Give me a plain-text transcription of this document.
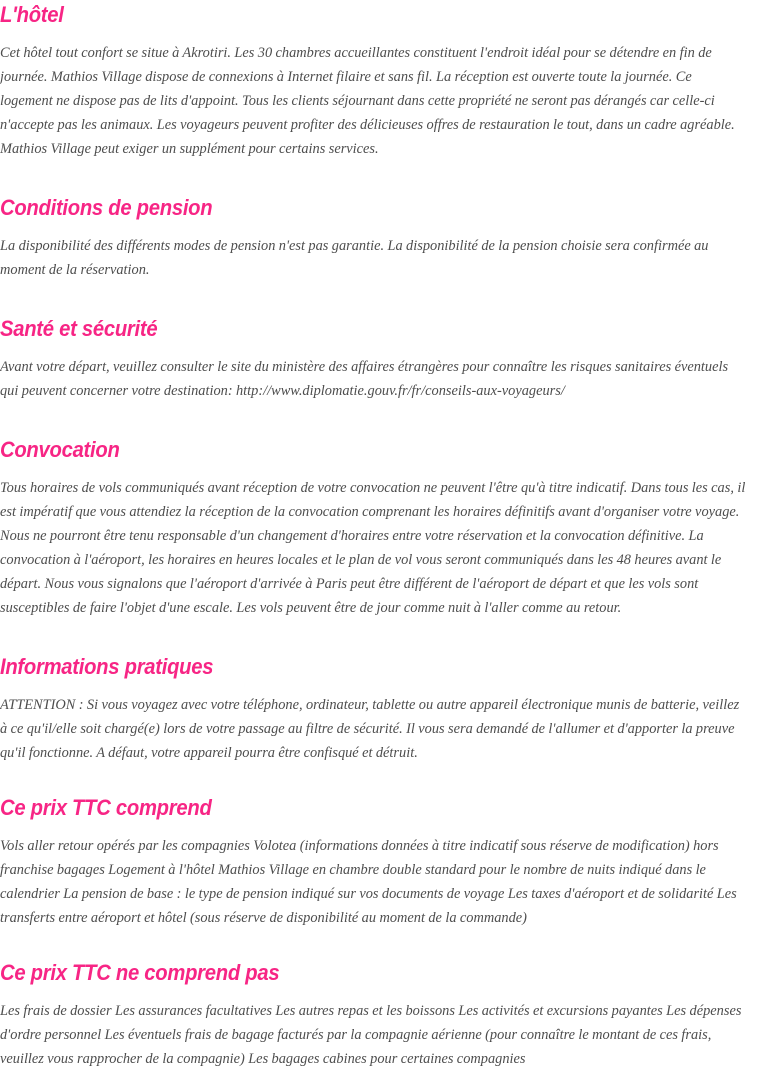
L'hôtel

Cet hôtel tout confort se situe à Akrotiri. Les 30 chambres accueillantes constituent l'endroit idéal pour se détendre en fin de journée. Mathios Village dispose de connexions à Internet filaire et sans fil. La réception est ouverte toute la journée. Ce logement ne dispose pas de lits d'appoint. Tous les clients séjournant dans cette propriété ne seront pas dérangés car celle-ci n'accepte pas les animaux. Les voyageurs peuvent profiter des délicieuses offres de restauration le tout, dans un cadre agréable. Mathios Village peut exiger un supplément pour certains services.

Conditions de pension

La disponibilité des différents modes de pension n'est pas garantie. La disponibilité de la pension choisie sera confirmée au moment de la réservation.

Santé et sécurité

Avant votre départ, veuillez consulter le site du ministère des affaires étrangères pour connaître les risques sanitaires éventuels qui peuvent concerner votre destination: http://www.diplomatie.gouv.fr/fr/conseils-aux-voyageurs/

Convocation

Tous horaires de vols communiqués avant réception de votre convocation ne peuvent l'être qu'à titre indicatif. Dans tous les cas, il est impératif que vous attendiez la réception de la convocation comprenant les horaires définitifs avant d'organiser votre voyage. Nous ne pourront être tenu responsable d'un changement d'horaires entre votre réservation et la convocation définitive. La convocation à l'aéroport, les horaires en heures locales et le plan de vol vous seront communiqués dans les 48 heures avant le départ. Nous vous signalons que l'aéroport d'arrivée à Paris peut être différent de l'aéroport de départ et que les vols sont susceptibles de faire l'objet d'une escale. Les vols peuvent être de jour comme nuit à l'aller comme au retour.

Informations pratiques

ATTENTION : Si vous voyagez avec votre téléphone, ordinateur, tablette ou autre appareil électronique munis de batterie, veillez à ce qu'il/elle soit chargé(e) lors de votre passage au filtre de sécurité. Il vous sera demandé de l'allumer et d'apporter la preuve qu'il fonctionne. A défaut, votre appareil pourra être confisqué et détruit.

Ce prix TTC comprend

Vols aller retour opérés par les compagnies Volotea (informations données à titre indicatif sous réserve de modification) hors franchise bagages Logement à l'hôtel Mathios Village en chambre double standard pour le nombre de nuits indiqué dans le calendrier La pension de base : le type de pension indiqué sur vos documents de voyage Les taxes d'aéroport et de solidarité Les transferts entre aéroport et hôtel (sous réserve de disponibilité au moment de la commande)

Ce prix TTC ne comprend pas

Les frais de dossier Les assurances facultatives Les autres repas et les boissons Les activités et excursions payantes Les dépenses d'ordre personnel Les éventuels frais de bagage facturés par la compagnie aérienne (pour connaître le montant de ces frais, veuillez vous rapprocher de la compagnie) Les bagages cabines pour certaines compagnies
